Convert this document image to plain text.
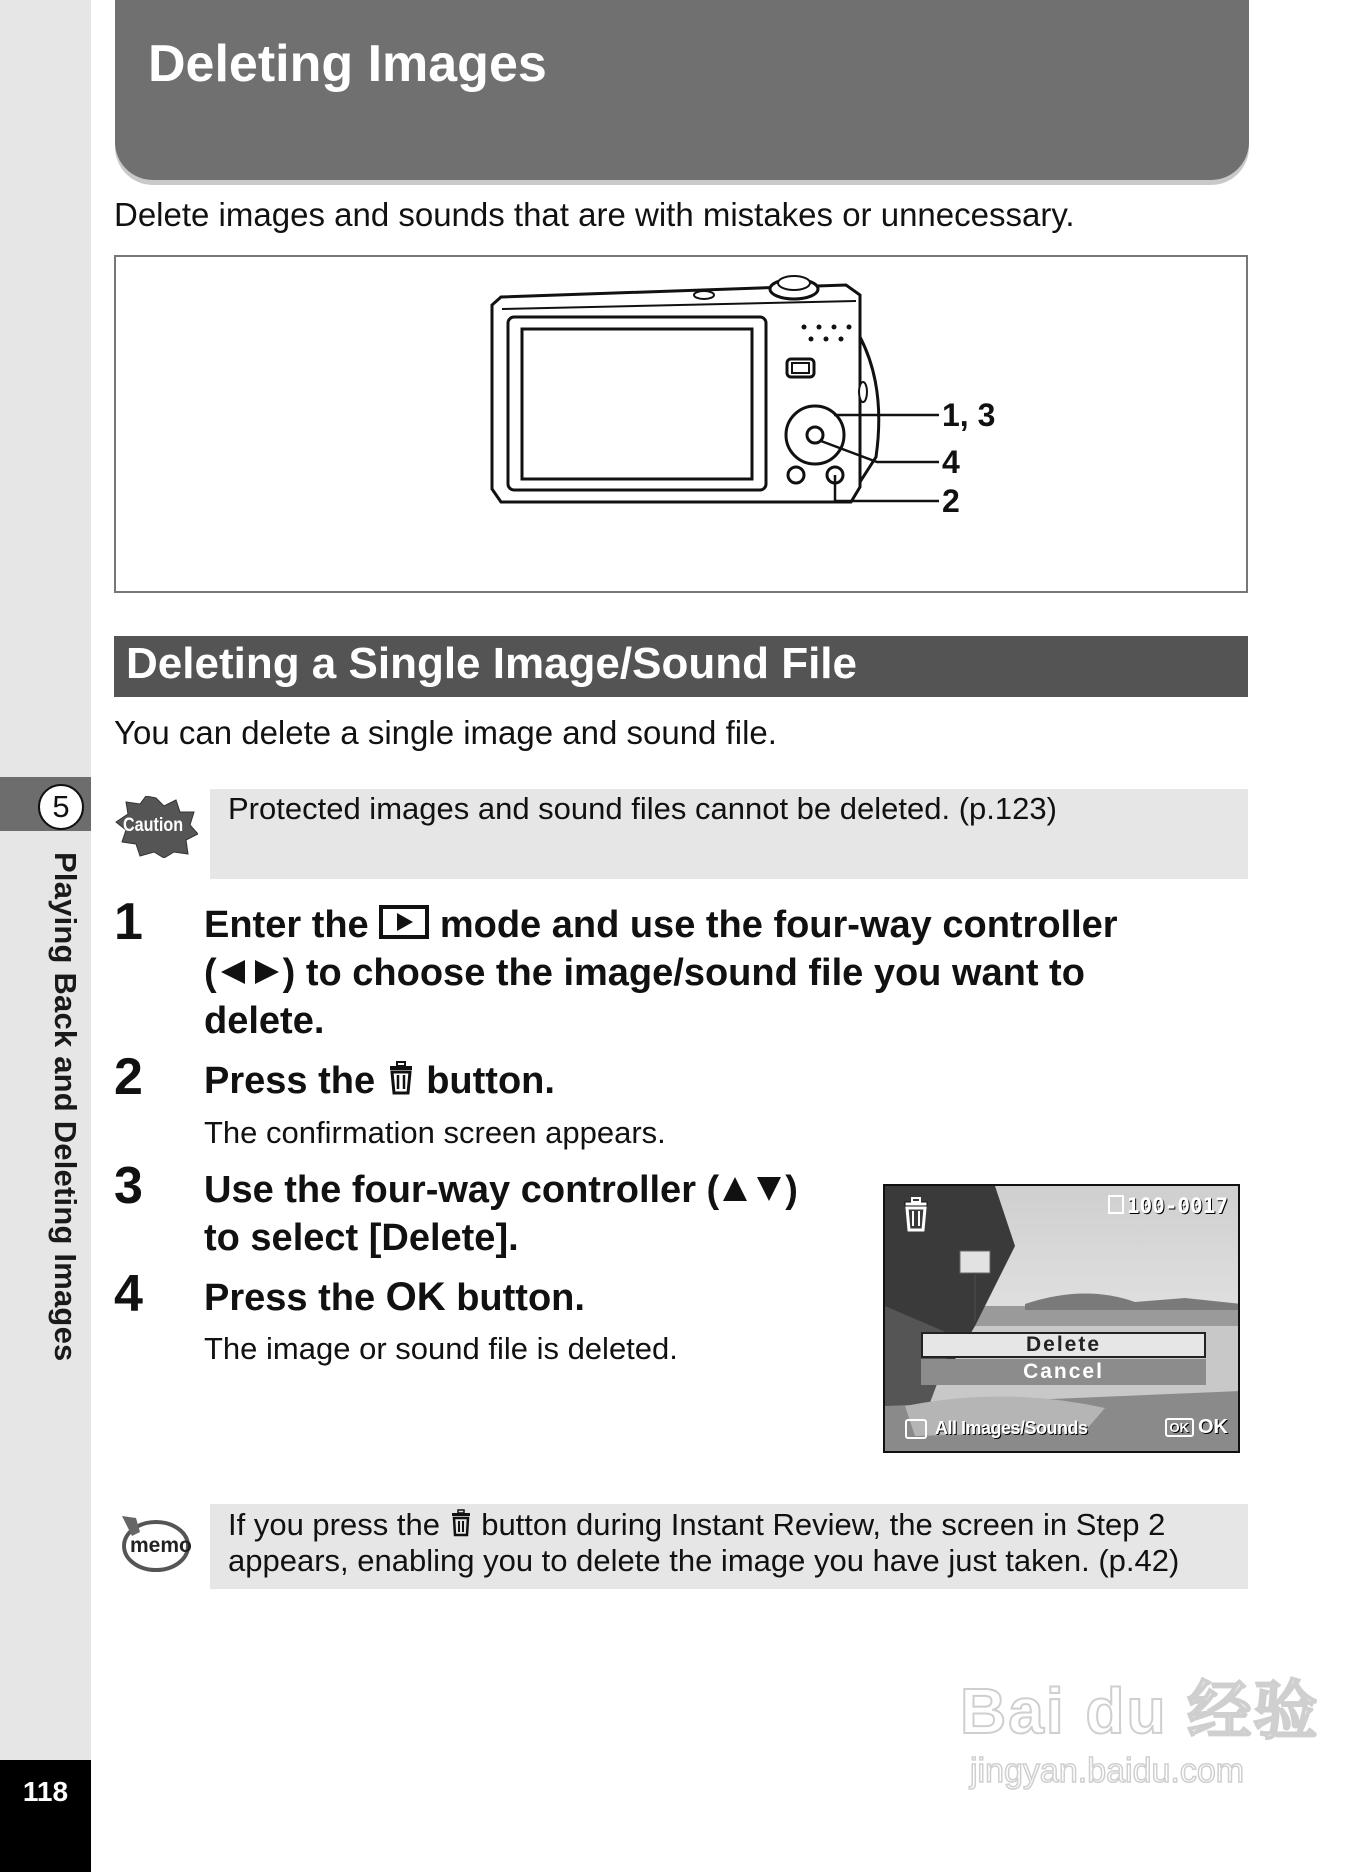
5
Playing Back and Deleting Images
118
Deleting Images
Delete images and sounds that are with mistakes or unnecessary.
1, 3
4
2
Deleting a Single Image/Sound File
You can delete a single image and sound file.
Caution Protected images and sound files cannot be deleted. (p.123)
1 Enter the mode and use the four-way controller
( ) to choose the image/sound file you want to
delete.
2 Press the button.
The confirmation screen appears.
3 Use the four-way controller ( )
to select [Delete].
4 Press the OK button.
The image or sound file is deleted.
100-0017
Delete
Cancel
All Images/Sounds	OK OK
memo
If you press the button during Instant Review, the screen in Step 2
appears, enabling you to delete the image you have just taken. (p.42)
Bai du 经验
jingyan.baidu.com
